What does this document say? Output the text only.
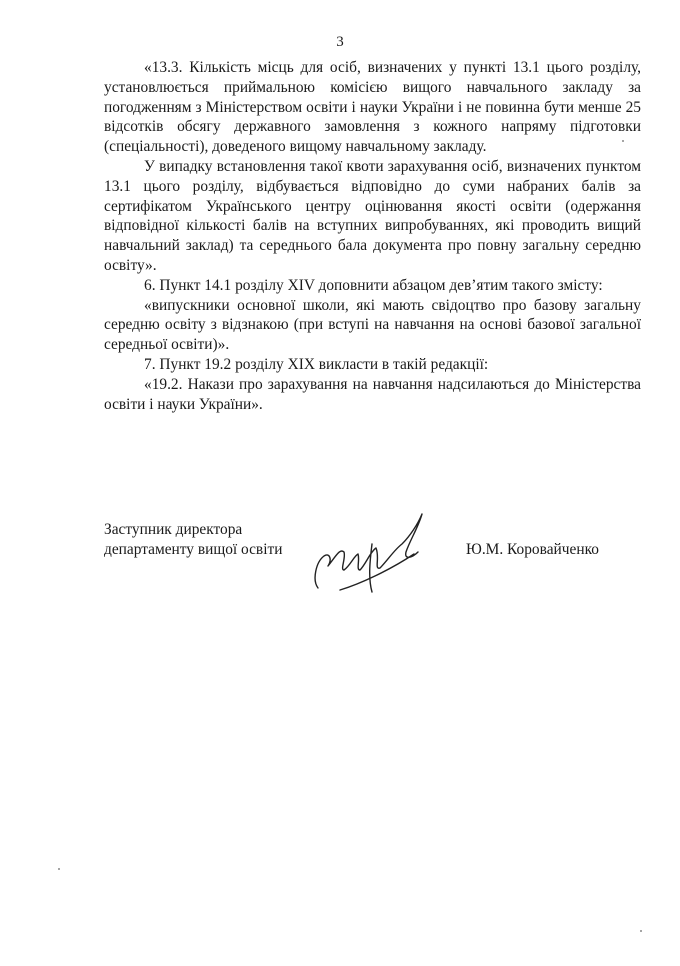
3

«13.3. Кількість місць для осіб, визначених у пункті 13.1 цього розділу, установлюється приймальною комісією вищого навчального закладу за погодженням з Міністерством освіти і науки України і не повинна бути менше 25 відсотків обсягу державного замовлення з кожного напряму підготовки (спеціальності), доведеного вищому навчальному закладу.

У випадку встановлення такої квоти зарахування осіб, визначених пунктом 13.1 цього розділу, відбувається відповідно до суми набраних балів за сертифікатом Українського центру оцінювання якості освіти (одержання відповідної кількості балів на вступних випробуваннях, які проводить вищий навчальний заклад) та середнього бала документа про повну загальну середню освіту».

6. Пункт 14.1 розділу XIV доповнити абзацом дев’ятим такого змісту:

«випускники основної школи, які мають свідоцтво про базову загальну середню освіту з відзнакою (при вступі на навчання на основі базової загальної середньої освіти)».

7. Пункт 19.2 розділу XIX викласти в такій редакції:

«19.2. Накази про зарахування на навчання надсилаються до Міністерства освіти і науки України».

Заступник директора
департаменту вищої освіти	Ю.М. Коровайченко
